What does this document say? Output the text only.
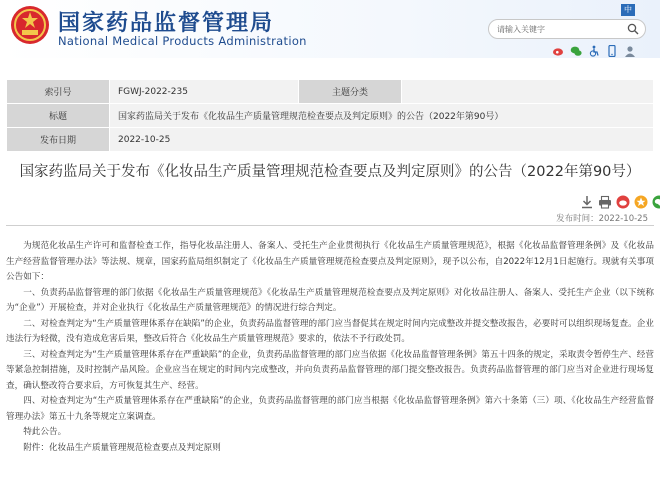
国家药品监督管理局
National Medical Products Administration
中
请输入关键字
索引号	FGWJ-2022-235	主题分类	
标题	国家药监局关于发布《化妆品生产质量管理规范检查要点及判定原则》的公告（2022年第90号）		
发布日期	2022-10-25		
国家药监局关于发布《化妆品生产质量管理规范检查要点及判定原则》的公告（2022年第90号）
发布时间：2022-10-25

为规范化妆品生产许可和监督检查工作，指导化妆品注册人、备案人、受托生产企业贯彻执行《化妆品生产质量管理规范》，根据《化妆品监督管理条例》及《化妆品生产经营监督管理办法》等法规、规章，国家药监局组织制定了《化妆品生产质量管理规范检查要点及判定原则》，现予以公布，自2022年12月1日起施行。现就有关事项公告如下：

一、负责药品监督管理的部门依据《化妆品生产质量管理规范》《化妆品生产质量管理规范检查要点及判定原则》对化妆品注册人、备案人、受托生产企业（以下统称为“企业”）开展检查，并对企业执行《化妆品生产质量管理规范》的情况进行综合判定。

二、对检查判定为“生产质量管理体系存在缺陷”的企业，负责药品监督管理的部门应当督促其在规定时间内完成整改并提交整改报告，必要时可以组织现场复查。企业违法行为轻微，没有造成危害后果，整改后符合《化妆品生产质量管理规范》要求的，依法不予行政处罚。

三、对检查判定为“生产质量管理体系存在严重缺陷”的企业，负责药品监督管理的部门应当依据《化妆品监督管理条例》第五十四条的规定，采取责令暂停生产、经营等紧急控制措施，及时控制产品风险。企业应当在规定的时间内完成整改，并向负责药品监督管理的部门提交整改报告。负责药品监督管理的部门应当对企业进行现场复查，确认整改符合要求后，方可恢复其生产、经营。

四、对检查判定为“生产质量管理体系存在严重缺陷”的企业，负责药品监督管理的部门应当根据《化妆品监督管理条例》第六十条第（三）项、《化妆品生产经营监督管理办法》第五十九条等规定立案调查。

特此公告。

附件：化妆品生产质量管理规范检查要点及判定原则
